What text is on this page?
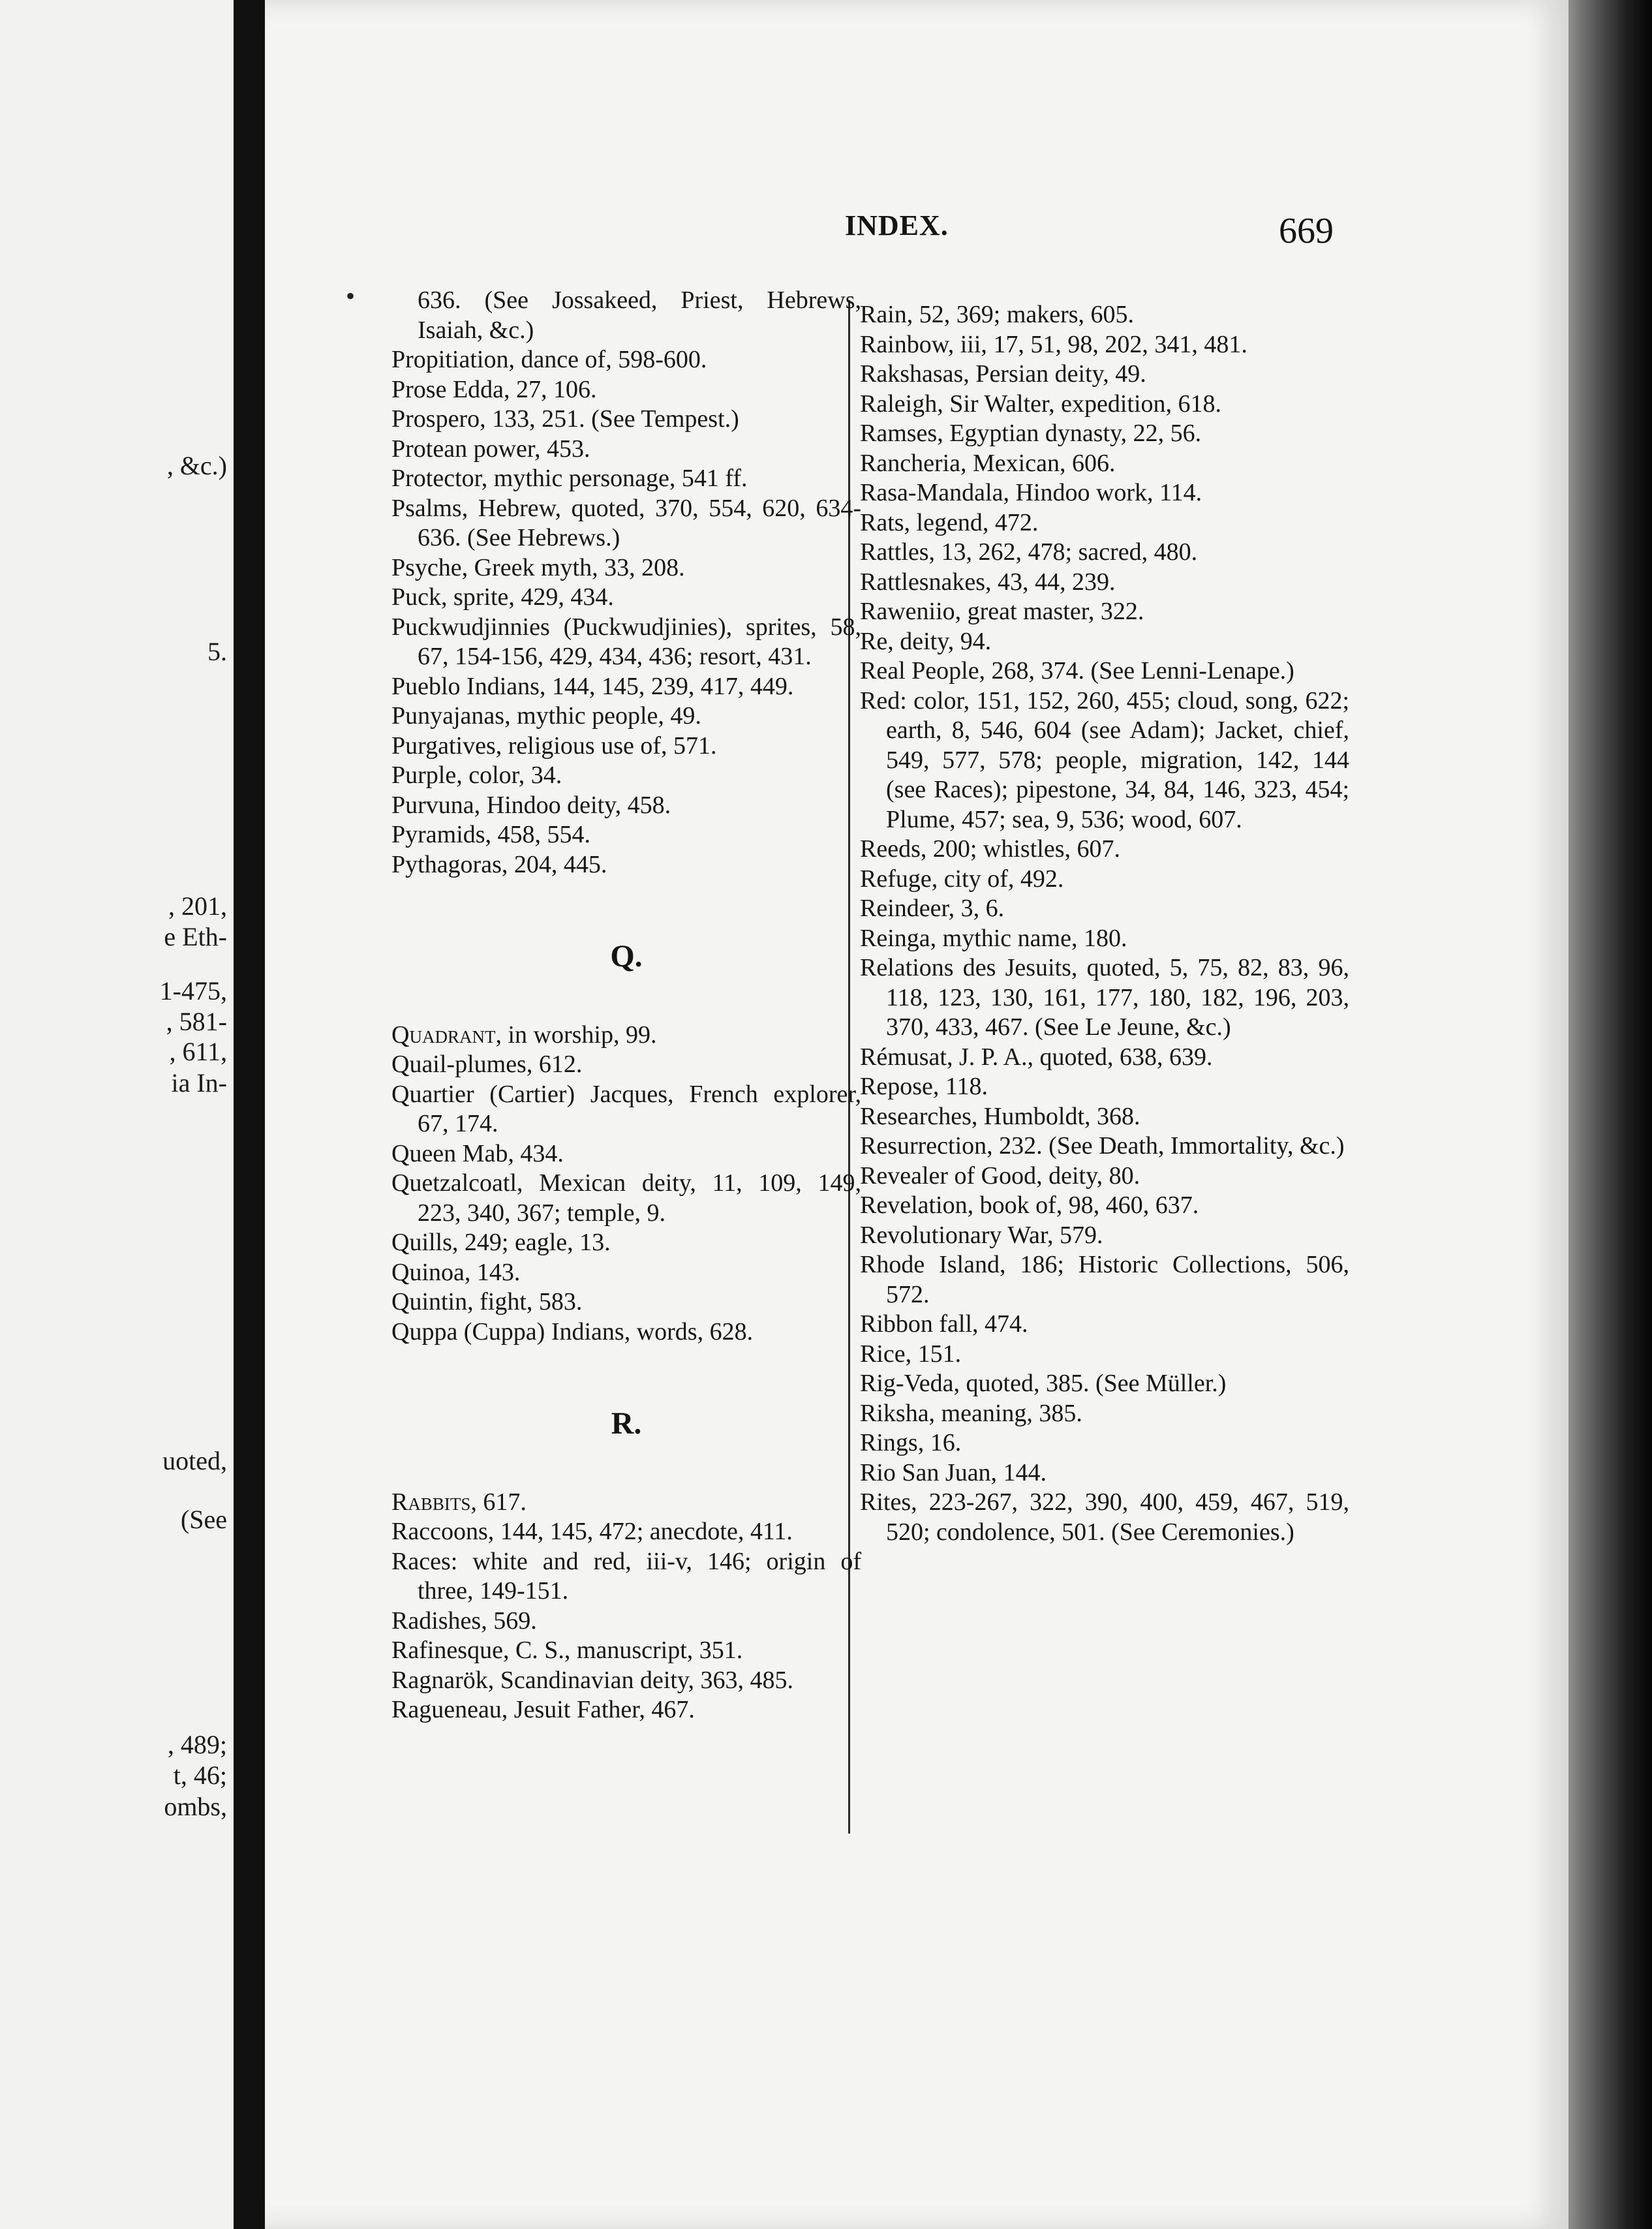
, &c.)
5.
, 201,
e Eth-
1-475,
, 581-
, 611,
ia In-
uoted,
(See
, 489;
t, 46;
ombs,
INDEX.	669
•	636. (See Jossakeed, Priest, Hebrews, Isaiah, &c.)

Propitiation, dance of, 598-600.

Prose Edda, 27, 106.

Prospero, 133, 251. (See Tempest.)

Protean power, 453.

Protector, mythic personage, 541 ff.

Psalms, Hebrew, quoted, 370, 554, 620, 634-636. (See Hebrews.)

Psyche, Greek myth, 33, 208.

Puck, sprite, 429, 434.

Puckwudjinnies (Puckwudjinies), sprites, 58, 67, 154-156, 429, 434, 436; resort, 431.

Pueblo Indians, 144, 145, 239, 417, 449.

Punyajanas, mythic people, 49.

Purgatives, religious use of, 571.

Purple, color, 34.

Purvuna, Hindoo deity, 458.

Pyramids, 458, 554.

Pythagoras, 204, 445.

Q.

Quadrant, in worship, 99.

Quail-plumes, 612.

Quartier (Cartier) Jacques, French explorer, 67, 174.

Queen Mab, 434.

Quetzalcoatl, Mexican deity, 11, 109, 149, 223, 340, 367; temple, 9.

Quills, 249; eagle, 13.

Quinoa, 143.

Quintin, fight, 583.

Quppa (Cuppa) Indians, words, 628.

R.

Rabbits, 617.

Raccoons, 144, 145, 472; anecdote, 411.

Races: white and red, iii-v, 146; origin of three, 149-151.

Radishes, 569.

Rafinesque, C. S., manuscript, 351.

Ragnarök, Scandinavian deity, 363, 485.

Ragueneau, Jesuit Father, 467.

Rain, 52, 369; makers, 605.

Rainbow, iii, 17, 51, 98, 202, 341, 481.

Rakshasas, Persian deity, 49.

Raleigh, Sir Walter, expedition, 618.

Ramses, Egyptian dynasty, 22, 56.

Rancheria, Mexican, 606.

Rasa-Mandala, Hindoo work, 114.

Rats, legend, 472.

Rattles, 13, 262, 478; sacred, 480.

Rattlesnakes, 43, 44, 239.

Raweniio, great master, 322.

Re, deity, 94.

Real People, 268, 374. (See Lenni-Lenape.)

Red: color, 151, 152, 260, 455; cloud, song, 622; earth, 8, 546, 604 (see Adam); Jacket, chief, 549, 577, 578; people, migration, 142, 144 (see Races); pipestone, 34, 84, 146, 323, 454; Plume, 457; sea, 9, 536; wood, 607.

Reeds, 200; whistles, 607.

Refuge, city of, 492.

Reindeer, 3, 6.

Reinga, mythic name, 180.

Relations des Jesuits, quoted, 5, 75, 82, 83, 96, 118, 123, 130, 161, 177, 180, 182, 196, 203, 370, 433, 467. (See Le Jeune, &c.)

Rémusat, J. P. A., quoted, 638, 639.

Repose, 118.

Researches, Humboldt, 368.

Resurrection, 232. (See Death, Immortality, &c.)

Revealer of Good, deity, 80.

Revelation, book of, 98, 460, 637.

Revolutionary War, 579.

Rhode Island, 186; Historic Collections, 506, 572.

Ribbon fall, 474.

Rice, 151.

Rig-Veda, quoted, 385. (See Müller.)

Riksha, meaning, 385.

Rings, 16.

Rio San Juan, 144.

Rites, 223-267, 322, 390, 400, 459, 467, 519, 520; condolence, 501. (See Ceremonies.)
